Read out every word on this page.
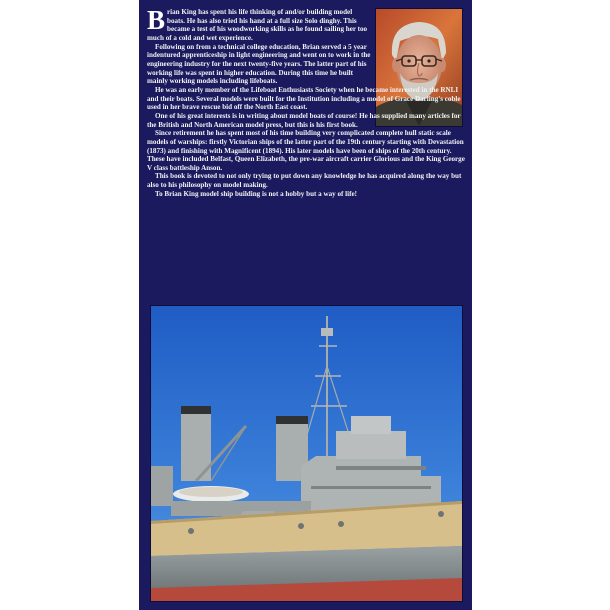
Brian King has spent his life thinking of and/or building model boats. He has also tried his hand at a full size Solo dinghy. This became a test of his woodworking skills as he found sailing her too much of a cold and wet experience.

Following on from a technical college education, Brian served a 5 year indentured apprenticeship in light engineering and went on to work in the engineering industry for the next twenty-five years. The latter part of his working life was spent in higher education. During this time he built mainly working models including lifeboats.

He was an early member of the Lifeboat Enthusiasts Society when he became interested in the RNLI and their boats. Several models were built for the Institution including a model of Grace Darling's coble used in her brave rescue bid off the North East coast.

One of his great interests is in writing about model boats of course! He has supplied many articles for the British and North American model press, but this is his first book.

Since retirement he has spent most of his time building very complicated complete hull static scale models of warships: firstly Victorian ships of the latter part of the 19th century starting with Devastation (1873) and finishing with Magnificent (1894). His later models have been of ships of the 20th century. These have included Belfast, Queen Elizabeth, the pre-war aircraft carrier Glorious and the King George V class battleship Anson.

This book is devoted to not only trying to put down any knowledge he has acquired along the way but also to his philosophy on model making.

To Brian King model ship building is not a hobby but a way of life!
